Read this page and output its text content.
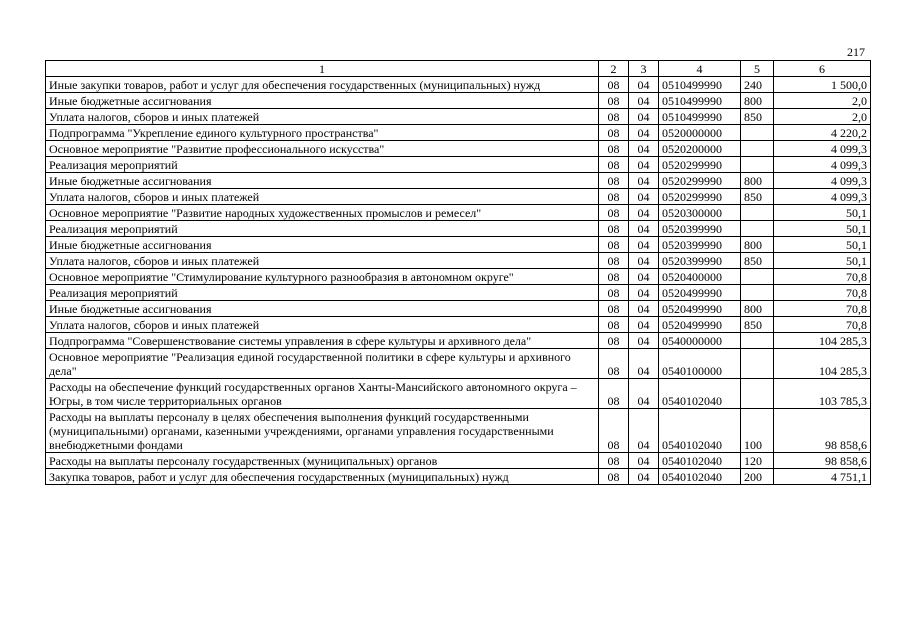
217
1	2	3	4	5	6
Иные закупки товаров, работ и услуг для обеспечения государственных (муниципальных) нужд	08	04	0510499990	240	1 500,0
Иные бюджетные ассигнования	08	04	0510499990	800	2,0
Уплата налогов, сборов и иных платежей	08	04	0510499990	850	2,0
Подпрограмма "Укрепление единого культурного пространства"	08	04	0520000000		4 220,2
Основное мероприятие "Развитие профессионального искусства"	08	04	0520200000		4 099,3
Реализация мероприятий	08	04	0520299990		4 099,3
Иные бюджетные ассигнования	08	04	0520299990	800	4 099,3
Уплата налогов, сборов и иных платежей	08	04	0520299990	850	4 099,3
Основное мероприятие "Развитие народных художественных промыслов и ремесел"	08	04	0520300000		50,1
Реализация мероприятий	08	04	0520399990		50,1
Иные бюджетные ассигнования	08	04	0520399990	800	50,1
Уплата налогов, сборов и иных платежей	08	04	0520399990	850	50,1
Основное мероприятие "Стимулирование культурного разнообразия в автономном округе"	08	04	0520400000		70,8
Реализация мероприятий	08	04	0520499990		70,8
Иные бюджетные ассигнования	08	04	0520499990	800	70,8
Уплата налогов, сборов и иных платежей	08	04	0520499990	850	70,8
Подпрограмма "Совершенствование системы управления в сфере культуры и архивного дела"	08	04	0540000000		104 285,3
Основное мероприятие "Реализация единой государственной политики в сфере культуры и архивного дела"	08	04	0540100000		104 285,3
Расходы на обеспечение функций государственных органов Ханты-Мансийского автономного округа – Югры, в том числе территориальных органов	08	04	0540102040		103 785,3
Расходы на выплаты персоналу в целях обеспечения выполнения функций государственными (муниципальными) органами, казенными учреждениями, органами управления государственными внебюджетными фондами	08	04	0540102040	100	98 858,6
Расходы на выплаты персоналу государственных (муниципальных) органов	08	04	0540102040	120	98 858,6
Закупка товаров, работ и услуг для обеспечения государственных (муниципальных) нужд	08	04	0540102040	200	4 751,1
